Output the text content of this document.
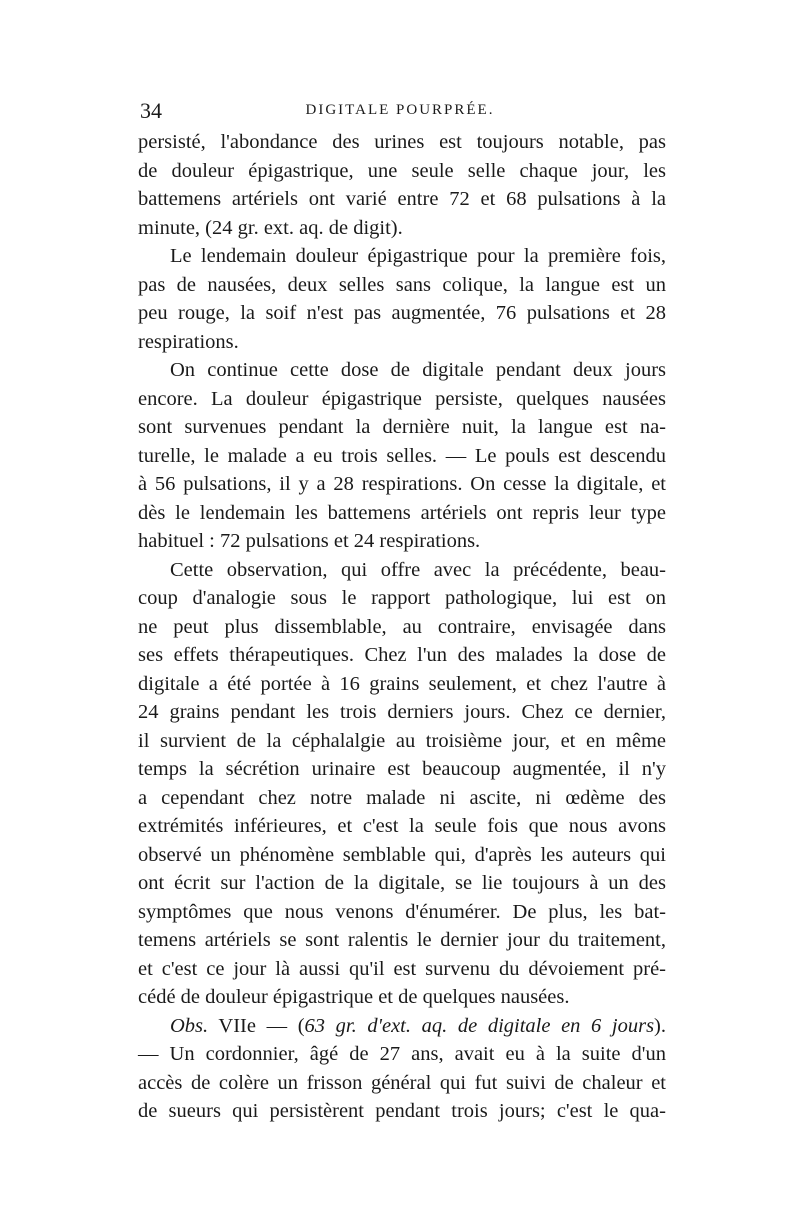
34	DIGITALE POURPRÉE.
persisté, l'abondance des urines est toujours notable, pas
de douleur épigastrique, une seule selle chaque jour, les
battemens artériels ont varié entre 72 et 68 pulsations à la
minute, (24 gr. ext. aq. de digit).
Le lendemain douleur épigastrique pour la première fois,
pas de nausées, deux selles sans colique, la langue est un
peu rouge, la soif n'est pas augmentée, 76 pulsations et 28
respirations.
On continue cette dose de digitale pendant deux jours
encore. La douleur épigastrique persiste, quelques nausées
sont survenues pendant la dernière nuit, la langue est na-
turelle, le malade a eu trois selles. — Le pouls est descendu
à 56 pulsations, il y a 28 respirations. On cesse la digitale, et
dès le lendemain les battemens artériels ont repris leur type
habituel : 72 pulsations et 24 respirations.
Cette observation, qui offre avec la précédente, beau-
coup d'analogie sous le rapport pathologique, lui est on
ne peut plus dissemblable, au contraire, envisagée dans
ses effets thérapeutiques. Chez l'un des malades la dose de
digitale a été portée à 16 grains seulement, et chez l'autre à
24 grains pendant les trois derniers jours. Chez ce dernier,
il survient de la céphalalgie au troisième jour, et en même
temps la sécrétion urinaire est beaucoup augmentée, il n'y
a cependant chez notre malade ni ascite, ni œdème des
extrémités inférieures, et c'est la seule fois que nous avons
observé un phénomène semblable qui, d'après les auteurs qui
ont écrit sur l'action de la digitale, se lie toujours à un des
symptômes que nous venons d'énumérer. De plus, les bat-
temens artériels se sont ralentis le dernier jour du traitement,
et c'est ce jour là aussi qu'il est survenu du dévoiement pré-
cédé de douleur épigastrique et de quelques nausées.
Obs. VIIe — (63 gr. d'ext. aq. de digitale en 6 jours).
— Un cordonnier, âgé de 27 ans, avait eu à la suite d'un
accès de colère un frisson général qui fut suivi de chaleur et
de sueurs qui persistèrent pendant trois jours; c'est le qua-
